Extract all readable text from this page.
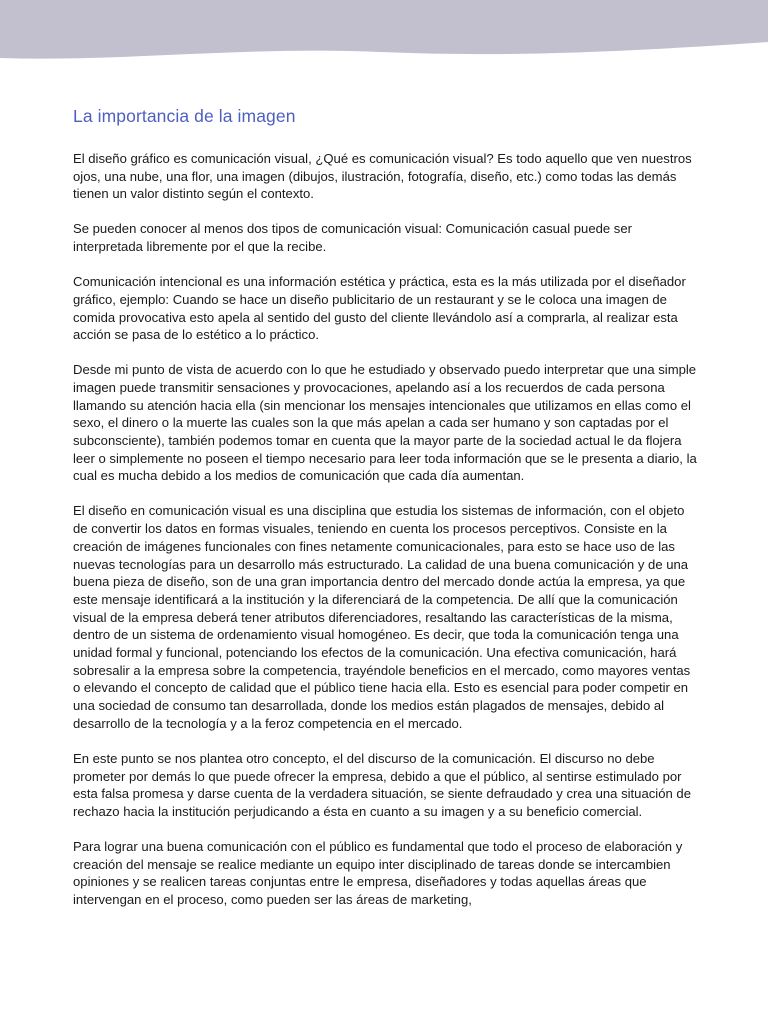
La importancia de la imagen

El diseño gráfico es comunicación visual, ¿Qué es comunicación visual? Es todo aquello que ven nuestros ojos, una nube, una flor, una imagen (dibujos, ilustración, fotografía, diseño, etc.) como todas las demás tienen un valor distinto según el contexto.

Se pueden conocer al menos dos tipos de comunicación visual: Comunicación casual puede ser interpretada libremente por el que la recibe.

Comunicación intencional es una información estética y práctica, esta es la más utilizada por el diseñador gráfico, ejemplo: Cuando se hace un diseño publicitario de un restaurant y se le coloca una imagen de comida provocativa esto apela al sentido del gusto del cliente llevándolo así a comprarla, al realizar esta acción se pasa de lo estético a lo práctico.

Desde mi punto de vista de acuerdo con lo que he estudiado y observado puedo interpretar que una simple imagen puede transmitir sensaciones y provocaciones, apelando así a los recuerdos de cada persona llamando su atención hacia ella (sin mencionar los mensajes intencionales que utilizamos en ellas como el sexo, el dinero o la muerte las cuales son la que más apelan a cada ser humano y son captadas por el subconsciente), también podemos tomar en cuenta que la mayor parte de la sociedad actual le da flojera leer o simplemente no poseen el tiempo necesario para leer toda información que se le presenta a diario, la cual es mucha debido a los medios de comunicación que cada día aumentan.

El diseño en comunicación visual es una disciplina que estudia los sistemas de información, con el objeto de convertir los datos en formas visuales, teniendo en cuenta los procesos perceptivos. Consiste en la creación de imágenes funcionales con fines netamente comunicacionales, para esto se hace uso de las nuevas tecnologías para un desarrollo más estructurado. La calidad de una buena comunicación y de una buena pieza de diseño, son de una gran importancia dentro del mercado donde actúa la empresa, ya que este mensaje identificará a la institución y la diferenciará de la competencia. De allí que la comunicación visual de la empresa deberá tener atributos diferenciadores, resaltando las características de la misma, dentro de un sistema de ordenamiento visual homogéneo. Es decir, que toda la comunicación tenga una unidad formal y funcional, potenciando los efectos de la comunicación. Una efectiva comunicación, hará sobresalir a la empresa sobre la competencia, trayéndole beneficios en el mercado, como mayores ventas o elevando el concepto de calidad que el público tiene hacia ella. Esto es esencial para poder competir en una sociedad de consumo tan desarrollada, donde los medios están plagados de mensajes, debido al desarrollo de la tecnología y a la feroz competencia en el mercado.

En este punto se nos plantea otro concepto, el del discurso de la comunicación. El discurso no debe prometer por demás lo que puede ofrecer la empresa, debido a que el público, al sentirse estimulado por esta falsa promesa y darse cuenta de la verdadera situación, se siente defraudado y crea una situación de rechazo hacia la institución perjudicando a ésta en cuanto a su imagen y a su beneficio comercial.

Para lograr una buena comunicación con el público es fundamental que todo el proceso de elaboración y creación del mensaje se realice mediante un equipo inter disciplinado de tareas donde se intercambien opiniones y se realicen tareas conjuntas entre le empresa, diseñadores y todas aquellas áreas que intervengan en el proceso, como pueden ser las áreas de marketing,
